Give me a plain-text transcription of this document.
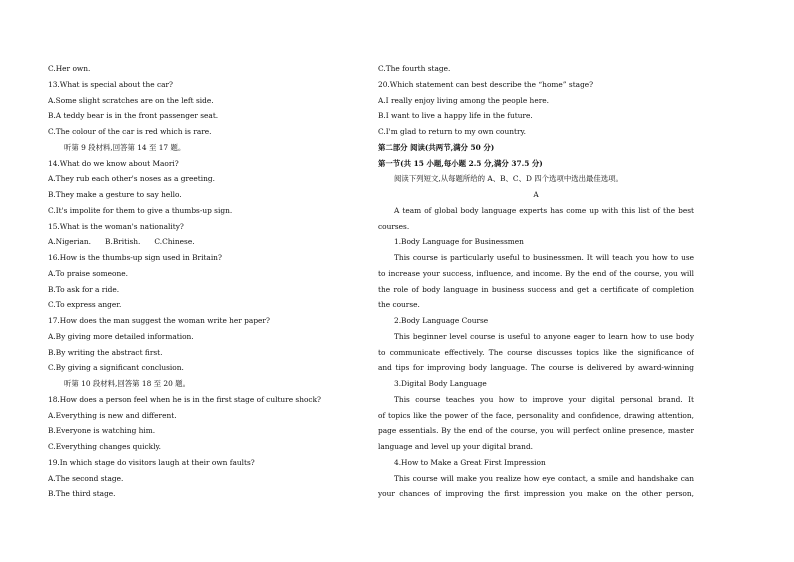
C.Her own.
13.What is special about the car?
A.Some slight scratches are on the left side.
B.A teddy bear is in the front passenger seat.
C.The colour of the car is red which is rare.
听第 9 段材料,回答第 14 至 17 题。
14.What do we know about Maori?
A.They rub each other's noses as a greeting.
B.They make a gesture to say hello.
C.It's impolite for them to give a thumbs-up sign.
15.What is the woman's nationality?
A.Nigerian. B.British. C.Chinese.
16.How is the thumbs-up sign used in Britain?
A.To praise someone.
B.To ask for a ride.
C.To express anger.
17.How does the man suggest the woman write her paper?
A.By giving more detailed information.
B.By writing the abstract first.
C.By giving a significant conclusion.
听第 10 段材料,回答第 18 至 20 题。
18.How does a person feel when he is in the first stage of culture shock?
A.Everything is new and different.
B.Everyone is watching him.
C.Everything changes quickly.
19.In which stage do visitors laugh at their own faults?
A.The second stage.
B.The third stage.
C.The fourth stage.
20.Which statement can best describe the “home” stage?
A.I really enjoy living among the people here.
B.I want to live a happy life in the future.
C.I'm glad to return to my own country.
第二部分 阅读(共两节,满分 50 分)
第一节(共 15 小题,每小题 2.5 分,满分 37.5 分)
阅读下列短文,从每题所给的 A、B、C、D 四个选项中选出最佳选项。
A
A team of global body language experts has come up with this list of the best
courses.
1.Body Language for Businessmen
This course is particularly useful to businessmen. It will teach you how to use
to increase your success, influence, and income. By the end of the course, you will
the role of body language in business success and get a certificate of completion
the course.
2.Body Language Course
This beginner level course is useful to anyone eager to learn how to use body
to communicate effectively. The course discusses topics like the significance of
and tips for improving body language. The course is delivered by award-winning
3.Digital Body Language
This course teaches you how to improve your digital personal brand. It
of topics like the power of the face, personality and confidence, drawing attention,
page essentials. By the end of the course, you will perfect online presence, master
language and level up your digital brand.
4.How to Make a Great First Impression
This course will make you realize how eye contact, a smile and handshake can
your chances of improving the first impression you make on the other person,
